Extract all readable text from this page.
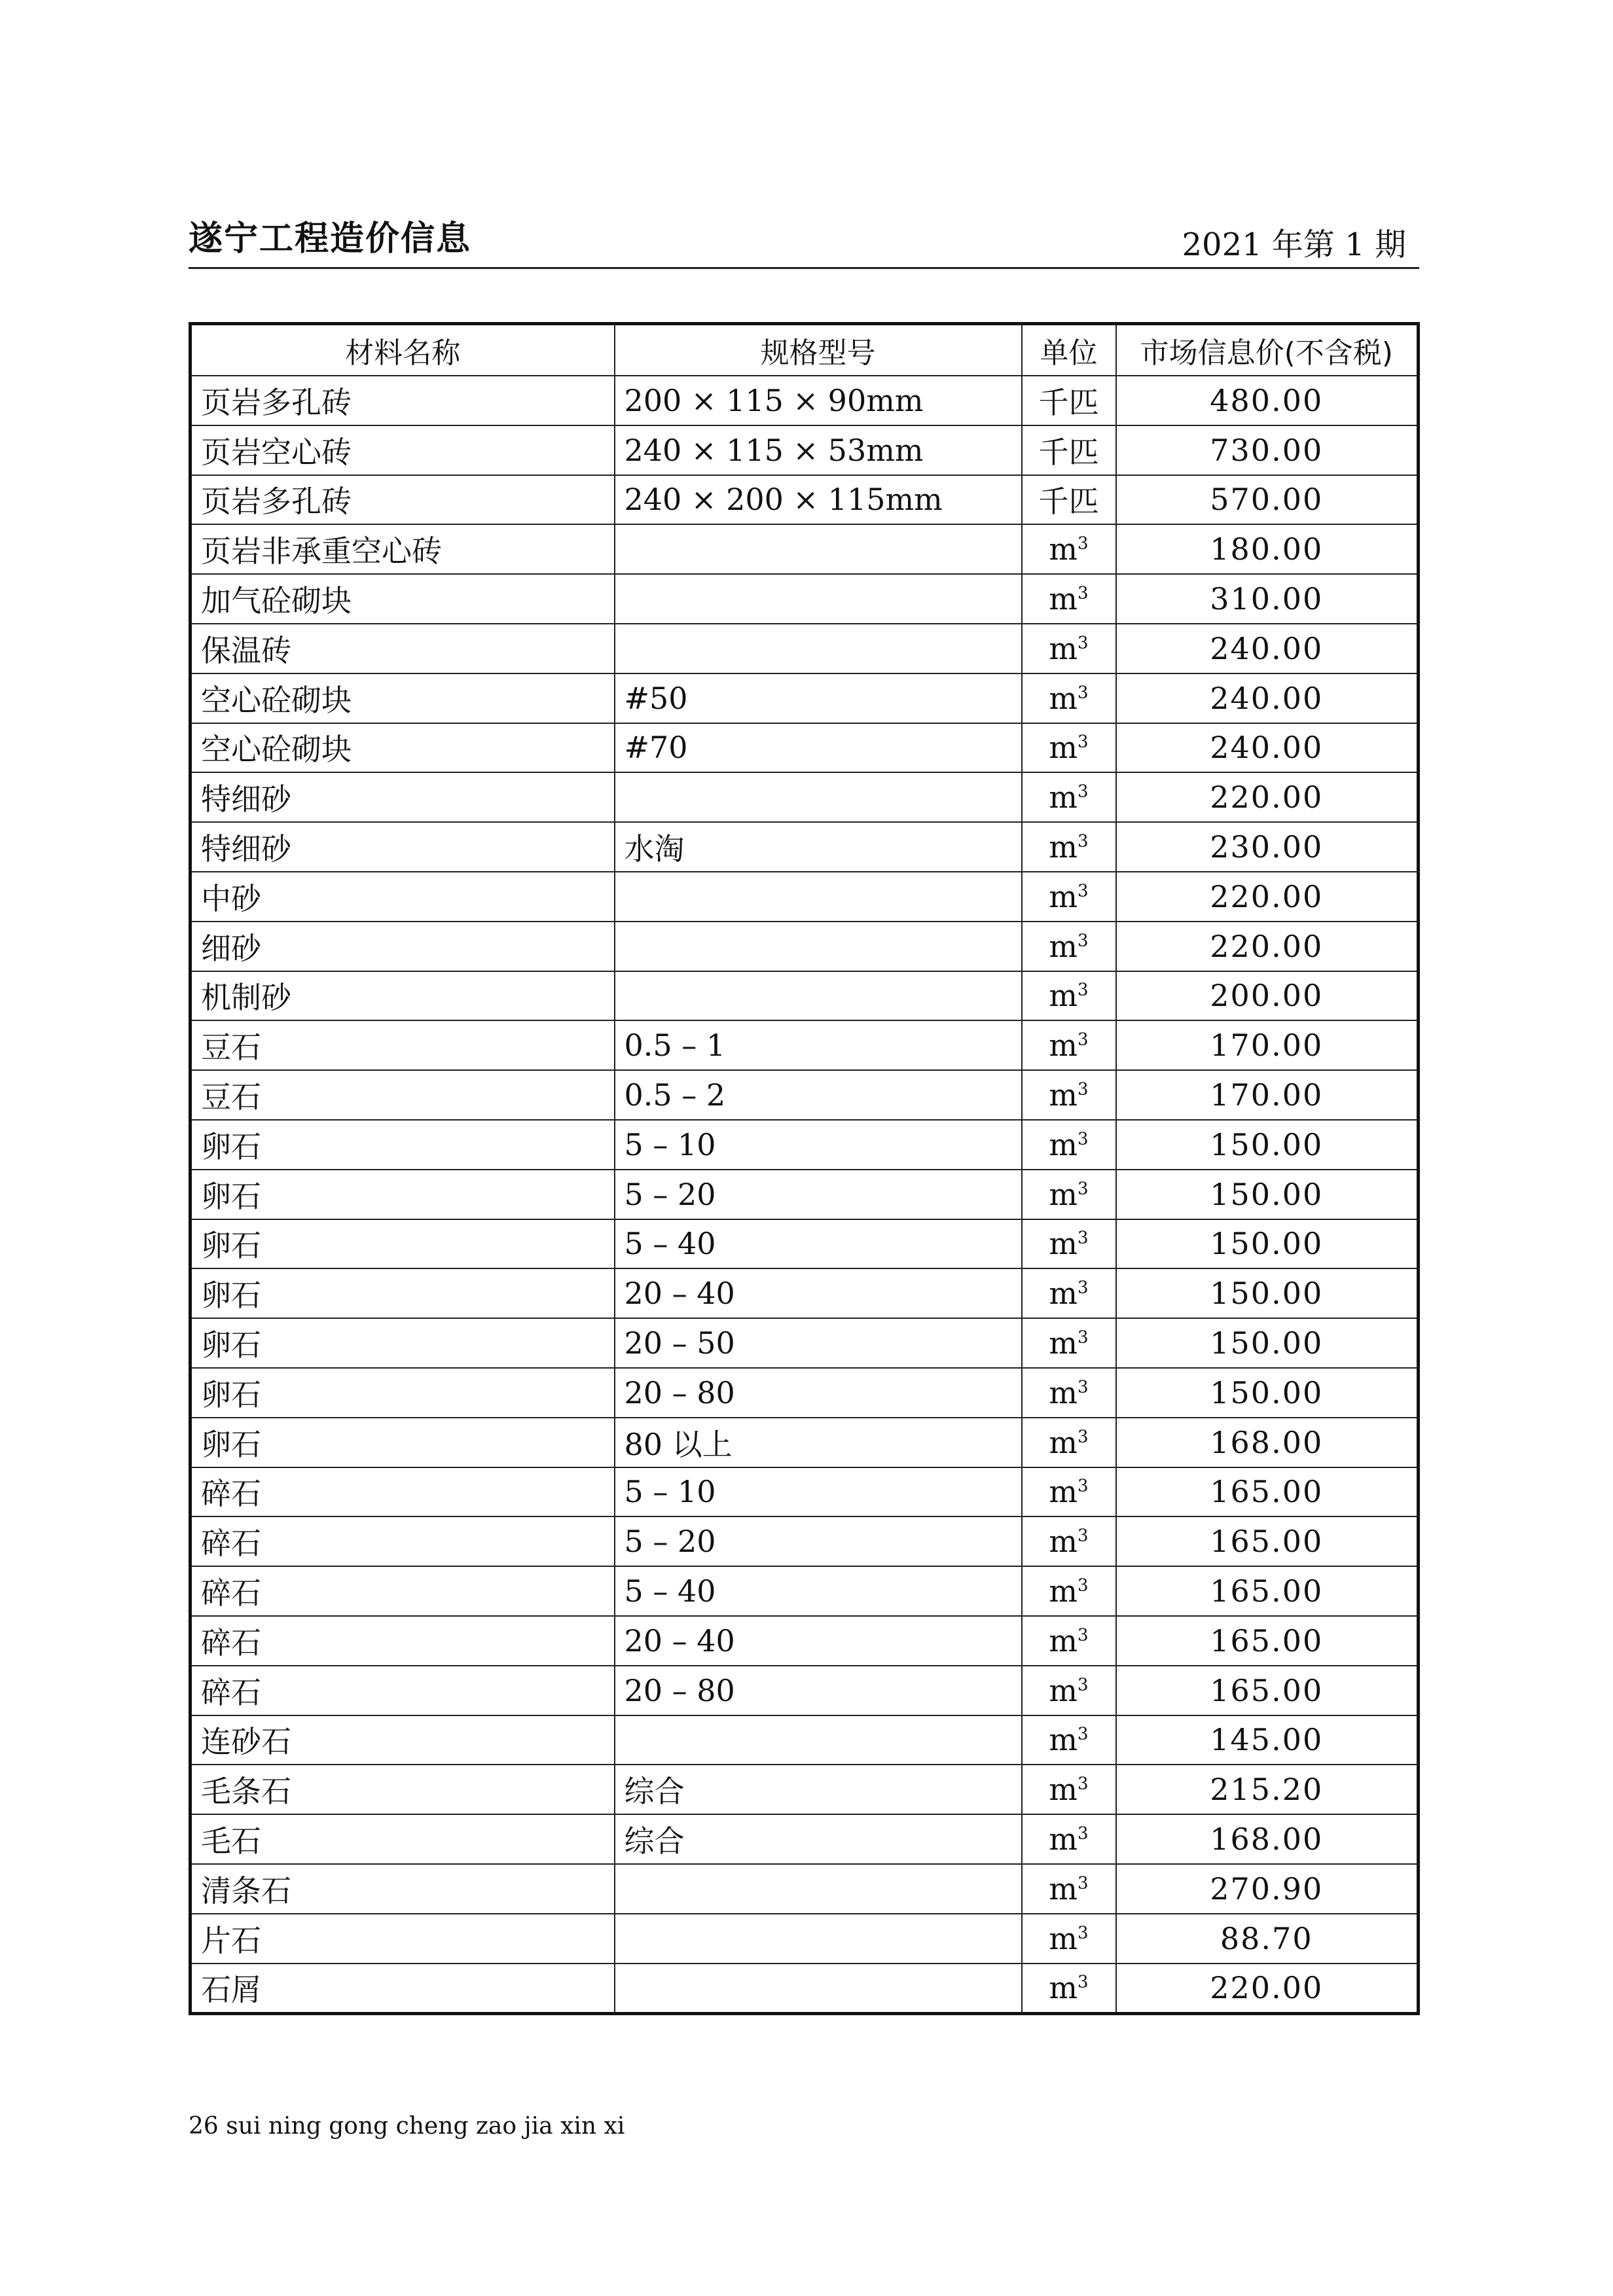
遂宁工程造价信息	2021 年第 1 期
材料名称	规格型号	单位	市场信息价(不含税)
页岩多孔砖	200 × 115 × 90mm	千匹	480.00
页岩空心砖	240 × 115 × 53mm	千匹	730.00
页岩多孔砖	240 × 200 × 115mm	千匹	570.00
页岩非承重空心砖		$m^3$	180.00
加气砼砌块		$m^3$	310.00
保温砖		$m^3$	240.00
空心砼砌块	#50	$m^3$	240.00
空心砼砌块	#70	$m^3$	240.00
特细砂		$m^3$	220.00
特细砂	水淘	$m^3$	230.00
中砂		$m^3$	220.00
细砂		$m^3$	220.00
机制砂		$m^3$	200.00
豆石	0.5 – 1	$m^3$	170.00
豆石	0.5 – 2	$m^3$	170.00
卵石	5 – 10	$m^3$	150.00
卵石	5 – 20	$m^3$	150.00
卵石	5 – 40	$m^3$	150.00
卵石	20 – 40	$m^3$	150.00
卵石	20 – 50	$m^3$	150.00
卵石	20 – 80	$m^3$	150.00
卵石	80 以上	$m^3$	168.00
碎石	5 – 10	$m^3$	165.00
碎石	5 – 20	$m^3$	165.00
碎石	5 – 40	$m^3$	165.00
碎石	20 – 40	$m^3$	165.00
碎石	20 – 80	$m^3$	165.00
连砂石		$m^3$	145.00
毛条石	综合	$m^3$	215.20
毛石	综合	$m^3$	168.00
清条石		$m^3$	270.90
片石		$m^3$	88.70
石屑		$m^3$	220.00
26 sui ning gong cheng zao jia xin xi
